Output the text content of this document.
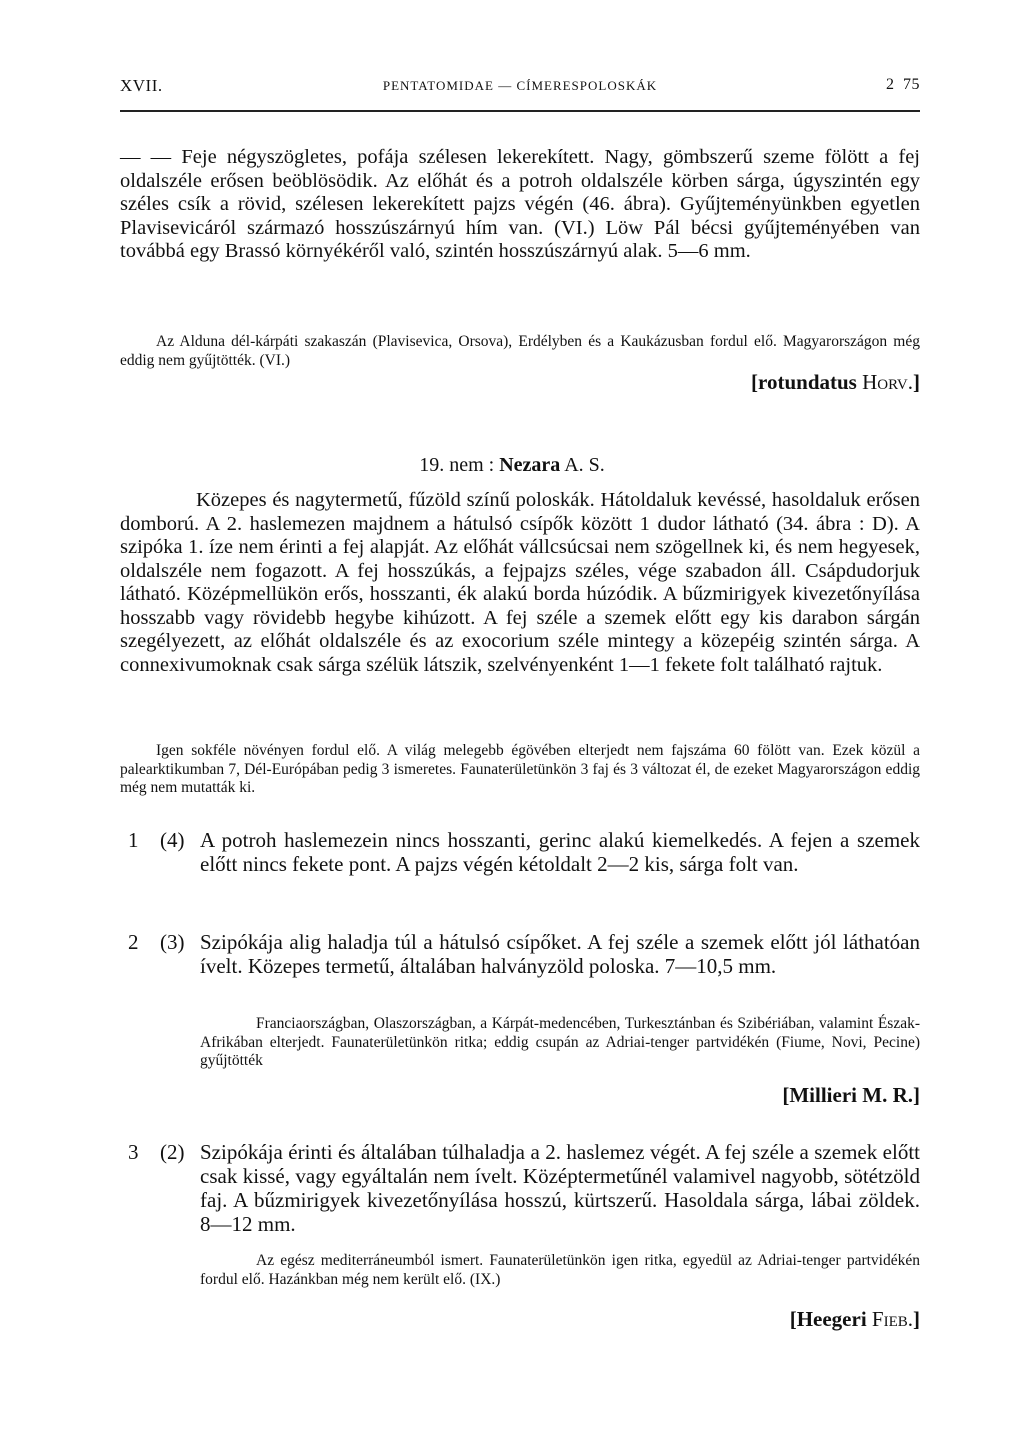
XVII.	PENTATOMIDAE — CÍMERESPOLOSKÁK	2 75
— — Feje négyszögletes, pofája szélesen lekerekített. Nagy, gömbszerű szeme fölött a fej oldalszéle erősen beöblösödik. Az előhát és a potroh oldalszéle körben sárga, úgyszintén egy széles csík a rövid, szélesen lekerekített pajzs végén (46. ábra). Gyűjteményünkben egyetlen Plavisevicáról származó hosszúszárnyú hím van. (VI.) Löw Pál bécsi gyűjteményében van továbbá egy Brassó környékéről való, szintén hosszúszárnyú alak. 5—6 mm.
Az Alduna dél-kárpáti szakaszán (Plavisevica, Orsova), Erdélyben és a Kaukázusban fordul elő. Magyarországon még eddig nem gyűjtötték. (VI.)
[rotundatus Horv.]
19. nem : Nezara A. S.
Közepes és nagytermetű, fűzöld színű poloskák. Hátoldaluk kevéssé, hasoldaluk erősen domború. A 2. haslemezen majdnem a hátulsó csípők között 1 dudor látható (34. ábra : D). A szipóka 1. íze nem érinti a fej alapját. Az előhát vállcsúcsai nem szögellnek ki, és nem hegyesek, oldalszéle nem fogazott. A fej hosszúkás, a fejpajzs széles, vége szabadon áll. Csápdudorjuk látható. Középmellükön erős, hosszanti, ék alakú borda húzódik. A bűzmirigyek kivezetőnyílása hosszabb vagy rövidebb hegybe kihúzott. A fej széle a szemek előtt egy kis darabon sárgán szegélyezett, az előhát oldalszéle és az exocorium széle mintegy a közepéig szintén sárga. A connexivumoknak csak sárga szélük látszik, szelvényenként 1—1 fekete folt található rajtuk.
Igen sokféle növényen fordul elő. A világ melegebb égövében elterjedt nem fajszáma 60 fölött van. Ezek közül a palearktikumban 7, Dél-Európában pedig 3 ismeretes. Faunaterületünkön 3 faj és 3 változat él, de ezeket Magyarországon eddig még nem mutatták ki.
1 (4) A potroh haslemezein nincs hosszanti, gerinc alakú kiemelkedés. A fejen a szemek előtt nincs fekete pont. A pajzs végén kétoldalt 2—2 kis, sárga folt van.
2 (3) Szipókája alig haladja túl a hátulsó csípőket. A fej széle a szemek előtt jól láthatóan ívelt. Közepes termetű, általában halványzöld poloska. 7—10,5 mm.
Franciaországban, Olaszországban, a Kárpát-medencében, Turkesztánban és Szibériában, valamint Észak-Afrikában elterjedt. Faunaterületünkön ritka; eddig csupán az Adriai-tenger partvidékén (Fiume, Novi, Pecine) gyűjtötték
[Millieri M. R.]
3 (2) Szipókája érinti és általában túlhaladja a 2. haslemez végét. A fej széle a szemek előtt csak kissé, vagy egyáltalán nem ívelt. Középtermetűnél valamivel nagyobb, sötétzöld faj. A bűzmirigyek kivezetőnyílása hosszú, kürtszerű. Hasoldala sárga, lábai zöldek. 8—12 mm.
Az egész mediterráneumból ismert. Faunaterületünkön igen ritka, egyedül az Adriai-tenger partvidékén fordul elő. Hazánkban még nem került elő. (IX.)
[Heegeri Fieb.]
